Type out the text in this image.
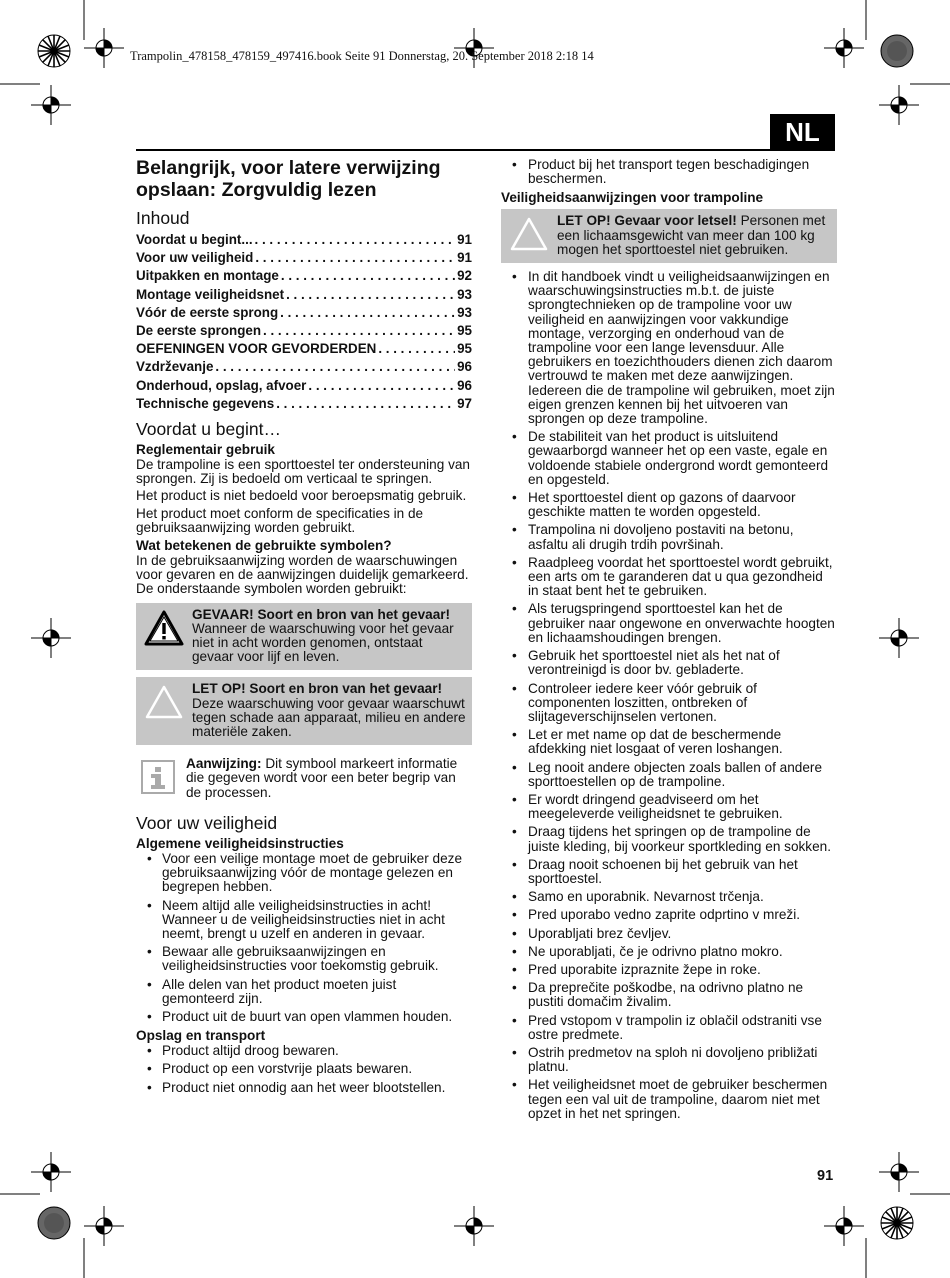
Trampolin_478158_478159_497416.book Seite 91 Donnerstag, 20. September 2018 2:18 14
NL
Belangrijk, voor latere verwijzing opslaan: Zorgvuldig lezen
Inhoud
Voordat u begint... . . .	91
Voor uw veiligheid . . .	91
Uitpakken en montage . . .	92
Montage veiligheidsnet . . .	93
Vóór de eerste sprong . . .	93
De eerste sprongen . . .	95
OEFENINGEN VOOR GEVORDERDEN . . .	95
Vzdrževanje . . .	96
Onderhoud, opslag, afvoer . . .	96
Technische gegevens . . .	97
Voordat u begint…
Reglementair gebruik
De trampoline is een sporttoestel ter ondersteuning van sprongen. Zij is bedoeld om verticaal te springen.
Het product is niet bedoeld voor beroepsmatig gebruik.
Het product moet conform de specificaties in de gebruiksaanwijzing worden gebruikt.
Wat betekenen de gebruikte symbolen?
In de gebruiksaanwijzing worden de waarschuwingen voor gevaren en de aanwijzingen duidelijk gemarkeerd. De onderstaande symbolen worden gebruikt:
GEVAAR! Soort en bron van het gevaar!
Wanneer de waarschuwing voor het gevaar niet in acht worden genomen, ontstaat gevaar voor lijf en leven.
LET OP! Soort en bron van het gevaar!
Deze waarschuwing voor gevaar waarschuwt tegen schade aan apparaat, milieu en andere materiële zaken.
Aanwijzing: Dit symbool markeert informatie die gegeven wordt voor een beter begrip van de processen.
Voor uw veiligheid
Algemene veiligheidsinstructies
• Voor een veilige montage moet de gebruiker deze gebruiksaanwijzing vóór de montage gelezen en begrepen hebben.
• Neem altijd alle veiligheidsinstructies in acht! Wanneer u de veiligheidsinstructies niet in acht neemt, brengt u uzelf en anderen in gevaar.
• Bewaar alle gebruiksaanwijzingen en veiligheidsinstructies voor toekomstig gebruik.
• Alle delen van het product moeten juist gemonteerd zijn.
• Product uit de buurt van open vlammen houden.
Opslag en transport
• Product altijd droog bewaren.
• Product op een vorstvrije plaats bewaren.
• Product niet onnodig aan het weer blootstellen.
• Product bij het transport tegen beschadigingen beschermen.
Veiligheidsaanwijzingen voor trampoline
LET OP! Gevaar voor letsel! Personen met een lichaamsgewicht van meer dan 100 kg mogen het sporttoestel niet gebruiken.
• In dit handboek vindt u veiligheidsaanwijzingen en waarschuwingsinstructies m.b.t. de juiste sprongtechnieken op de trampoline voor uw veiligheid en aanwijzingen voor vakkundige montage, verzorging en onderhoud van de trampoline voor een lange levensduur. Alle gebruikers en toezichthouders dienen zich daarom vertrouwd te maken met deze aanwijzingen. Iedereen die de trampoline wil gebruiken, moet zijn eigen grenzen kennen bij het uitvoeren van sprongen op deze trampoline.
• De stabiliteit van het product is uitsluitend gewaarborgd wanneer het op een vaste, egale en voldoende stabiele ondergrond wordt gemonteerd en opgesteld.
• Het sporttoestel dient op gazons of daarvoor geschikte matten te worden opgesteld.
• Trampolina ni dovoljeno postaviti na betonu, asfaltu ali drugih trdih površinah.
• Raadpleeg voordat het sporttoestel wordt gebruikt, een arts om te garanderen dat u qua gezondheid in staat bent het te gebruiken.
• Als terugspringend sporttoestel kan het de gebruiker naar ongewone en onverwachte hoogten en lichaamshoudingen brengen.
• Gebruik het sporttoestel niet als het nat of verontreinigd is door bv. gebladerte.
• Controleer iedere keer vóór gebruik of componenten loszitten, ontbreken of slijtageverschijnselen vertonen.
• Let er met name op dat de beschermende afdekking niet losgaat of veren loshangen.
• Leg nooit andere objecten zoals ballen of andere sporttoestellen op de trampoline.
• Er wordt dringend geadviseerd om het meegeleverde veiligheidsnet te gebruiken.
• Draag tijdens het springen op de trampoline de juiste kleding, bij voorkeur sportkleding en sokken.
• Draag nooit schoenen bij het gebruik van het sporttoestel.
• Samo en uporabnik. Nevarnost trčenja.
• Pred uporabo vedno zaprite odprtino v mreži.
• Uporabljati brez čevljev.
• Ne uporabljati, če je odrivno platno mokro.
• Pred uporabite izpraznite žepe in roke.
• Da preprečite poškodbe, na odrivno platno ne pustiti domačim živalim.
• Pred vstopom v trampolin iz oblačil odstraniti vse ostre predmete.
• Ostrih predmetov na sploh ni dovoljeno približati platnu.
• Het veiligheidsnet moet de gebruiker beschermen tegen een val uit de trampoline, daarom niet met opzet in het net springen.
91
